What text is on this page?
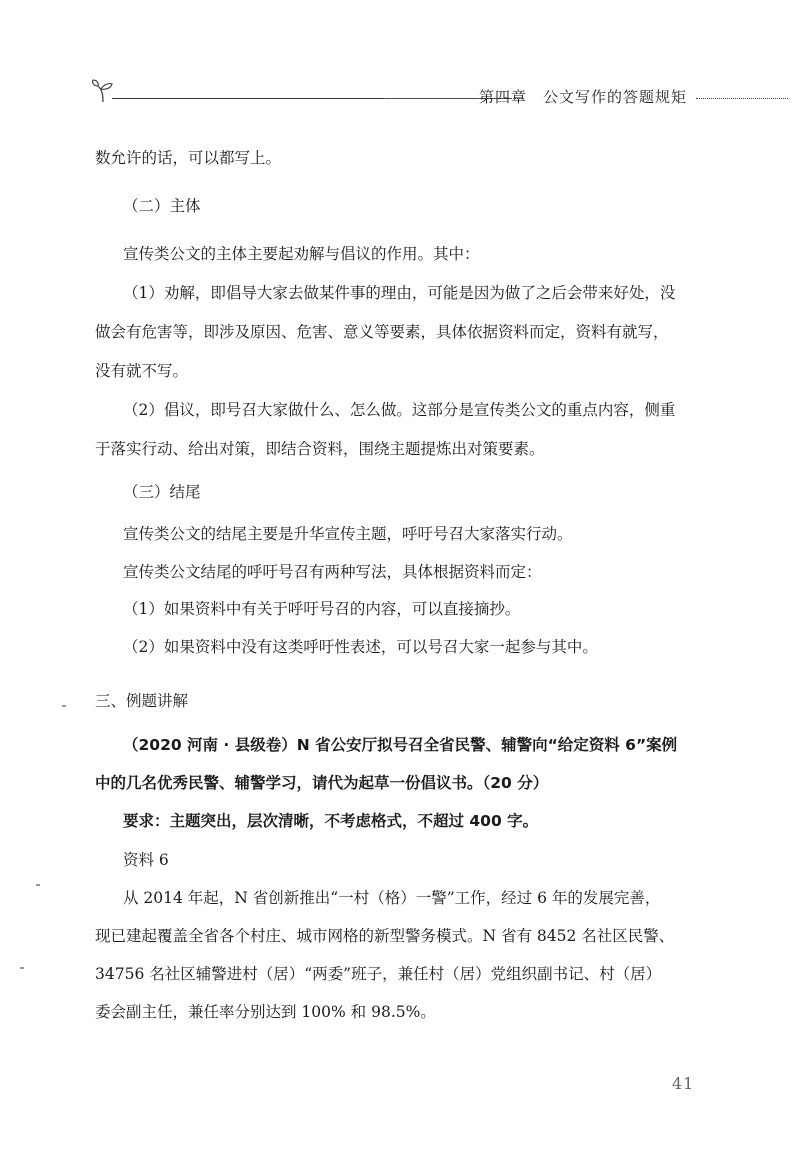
第四章　公文写作的答题规矩
数允许的话，可以都写上。
（二）主体
宣传类公文的主体主要起劝解与倡议的作用。其中：
（1）劝解，即倡导大家去做某件事的理由，可能是因为做了之后会带来好处，没
做会有危害等，即涉及原因、危害、意义等要素，具体依据资料而定，资料有就写，
没有就不写。
（2）倡议，即号召大家做什么、怎么做。这部分是宣传类公文的重点内容，侧重
于落实行动、给出对策，即结合资料，围绕主题提炼出对策要素。
（三）结尾
宣传类公文的结尾主要是升华宣传主题，呼吁号召大家落实行动。
宣传类公文结尾的呼吁号召有两种写法，具体根据资料而定：
（1）如果资料中有关于呼吁号召的内容，可以直接摘抄。
（2）如果资料中没有这类呼吁性表述，可以号召大家一起参与其中。
三、例题讲解
（2020 河南 · 县级卷）N 省公安厅拟号召全省民警、辅警向“给定资料 6”案例
中的几名优秀民警、辅警学习，请代为起草一份倡议书。（20 分）
要求：主题突出，层次清晰，不考虑格式，不超过 400 字。
资料 6
从 2014 年起，N 省创新推出“一村（格）一警”工作，经过 6 年的发展完善，
现已建起覆盖全省各个村庄、城市网格的新型警务模式。N 省有 8452 名社区民警、
34756 名社区辅警进村（居）“两委”班子，兼任村（居）党组织副书记、村（居）
委会副主任，兼任率分别达到 100% 和 98.5%。
41
